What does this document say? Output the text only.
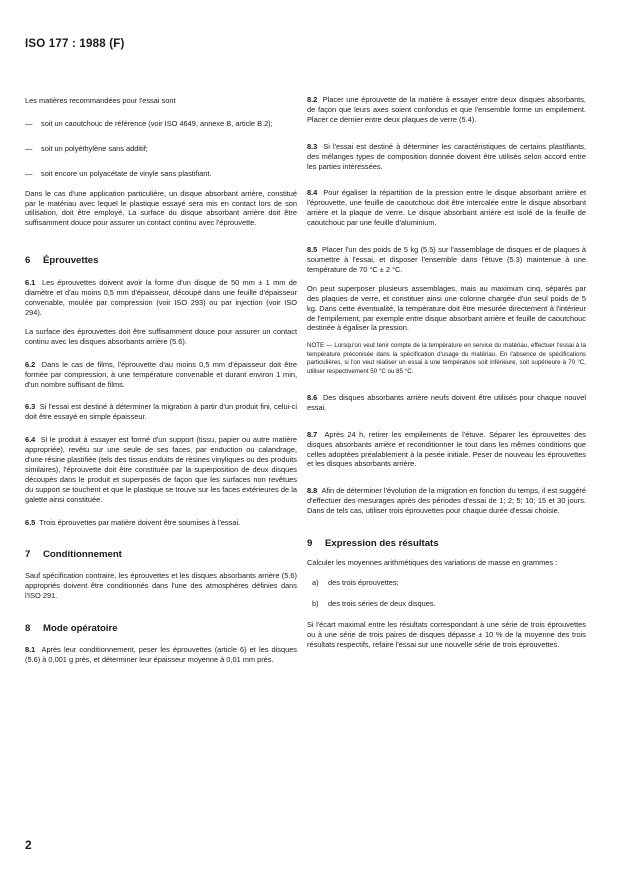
ISO 177 : 1988 (F)

Les matières recommandées pour l'essai sont

—	soit un caoutchouc de référence (voir ISO 4649, annexe B, article B.2);
—	soit un polyéthylène sans additif;
—	soit encore un polyacétate de vinyle sans plastifiant.

Dans le cas d'une application particulière, un disque absorbant arrière, constitué par le matériau avec lequel le plastique essayé sera mis en contact lors de son utilisation, doit être employé. La surface du disque absorbant arrière doit être suffisamment douce pour assurer un contact continu avec l'éprouvette.

6	Éprouvettes

6.1 Les éprouvettes doivent avoir la forme d'un disque de 50 mm ± 1 mm de diamètre et d'au moins 0,5 mm d'épaisseur, découpé dans une feuille d'épaisseur convenable, moulée par compression (voir ISO 293) ou par injection (voir ISO 294).

La surface des éprouvettes doit être suffisamment douce pour assurer un contact continu avec les disques absorbants arrière (5.6).

6.2 Dans le cas de films, l'éprouvette d'au moins 0,5 mm d'épaisseur doit être formée par compression, à une température convenable et durant environ 1 min, d'un nombre suffisant de films.

6.3 Si l'essai est destiné à déterminer la migration à partir d'un produit fini, celui-ci doit être essayé en simple épaisseur.

6.4 Si le produit à essayer est formé d'un support (tissu, papier ou autre matière appropriée), revêtu sur une seule de ses faces, par enduction ou calandrage, d'une résine plastifiée (tels des tissus enduits de résines vinyliques ou des produits similaires), l'éprouvette doit être constituée par la superposition de deux disques découpés dans le produit et superposés de façon que les surfaces non revêtues du support se touchent et que le plastique se trouve sur les faces extérieures de la galette ainsi constituée.

6.5 Trois éprouvettes par matière doivent être soumises à l'essai.

7	Conditionnement

Sauf spécification contraire, les éprouvettes et les disques absorbants arrière (5.6) appropriés doivent être conditionnés dans l'une des atmosphères définies dans l'ISO 291.

8	Mode opératoire

8.1 Après leur conditionnement, peser les éprouvettes (article 6) et les disques (5.6) à 0,001 g près, et déterminer leur épaisseur moyenne à 0,01 mm près.

8.2 Placer une éprouvette de la matière à essayer entre deux disques absorbants, de façon que leurs axes soient confondus et que l'ensemble forme un empilement. Placer ce dernier entre deux plaques de verre (5.4).

8.3 Si l'essai est destiné à déterminer les caractéristiques de certains plastifiants, des mélanges types de composition donnée doivent être utilisés selon accord entre les parties intéressées.

8.4 Pour égaliser la répartition de la pression entre le disque absorbant arrière et l'éprouvette, une feuille de caoutchouc doit être intercalée entre le disque absorbant arrière et la plaque de verre. Le disque absorbant arrière est isolé de la feuille de caoutchouc par une feuille d'aluminium.

8.5 Placer l'un des poids de 5 kg (5.5) sur l'assemblage de disques et de plaques à soumettre à l'essai, et disposer l'ensemble dans l'étuve (5.3) maintenue à une température de 70 °C ± 2 °C.

On peut superposer plusieurs assemblages, mais au maximum cinq, séparés par des plaques de verre, et constituer ainsi une colonne chargée d'un seul poids de 5 kg. Dans cette éventualité, la température doit être mesurée directement à l'intérieur de l'empilement, par exemple entre disque absorbant arrière et feuille de caoutchouc destinée à égaliser la pression.

NOTE — Lorsqu'on veut tenir compte de la température en service du matériau, effectuer l'essai à la température préconisée dans la spécification d'usage du matériau. En l'absence de spécifications particulières, si l'on veut réaliser un essai à une température soit inférieure, soit supérieure à 70 °C, utiliser respectivement 50 °C ou 85 °C.

8.6 Des disques absorbants arrière neufs doivent être utilisés pour chaque nouvel essai.

8.7 Après 24 h, retirer les empilements de l'étuve. Séparer les éprouvettes des disques absorbants arrière et reconditionner le tout dans les mêmes conditions que celles adoptées préalablement à la pesée initiale. Peser de nouveau les éprouvettes et les disques absorbants arrière.

8.8 Afin de déterminer l'évolution de la migration en fonction du temps, il est suggéré d'effectuer des mesurages après des périodes d'essai de 1; 2; 5; 10; 15 et 30 jours. Dans de tels cas, utiliser trois éprouvettes pour chaque durée d'essai choisie.

9	Expression des résultats

Calculer les moyennes arithmétiques des variations de masse en grammes :

a)	des trois éprouvettes;
b)	des trois séries de deux disques.

Si l'écart maximal entre les résultats correspondant à une série de trois éprouvettes ou à une série de trois paires de disques dépasse ± 10 % de la moyenne des trois résultats respectifs, refaire l'essai sur une nouvelle série de trois éprouvettes.

2
